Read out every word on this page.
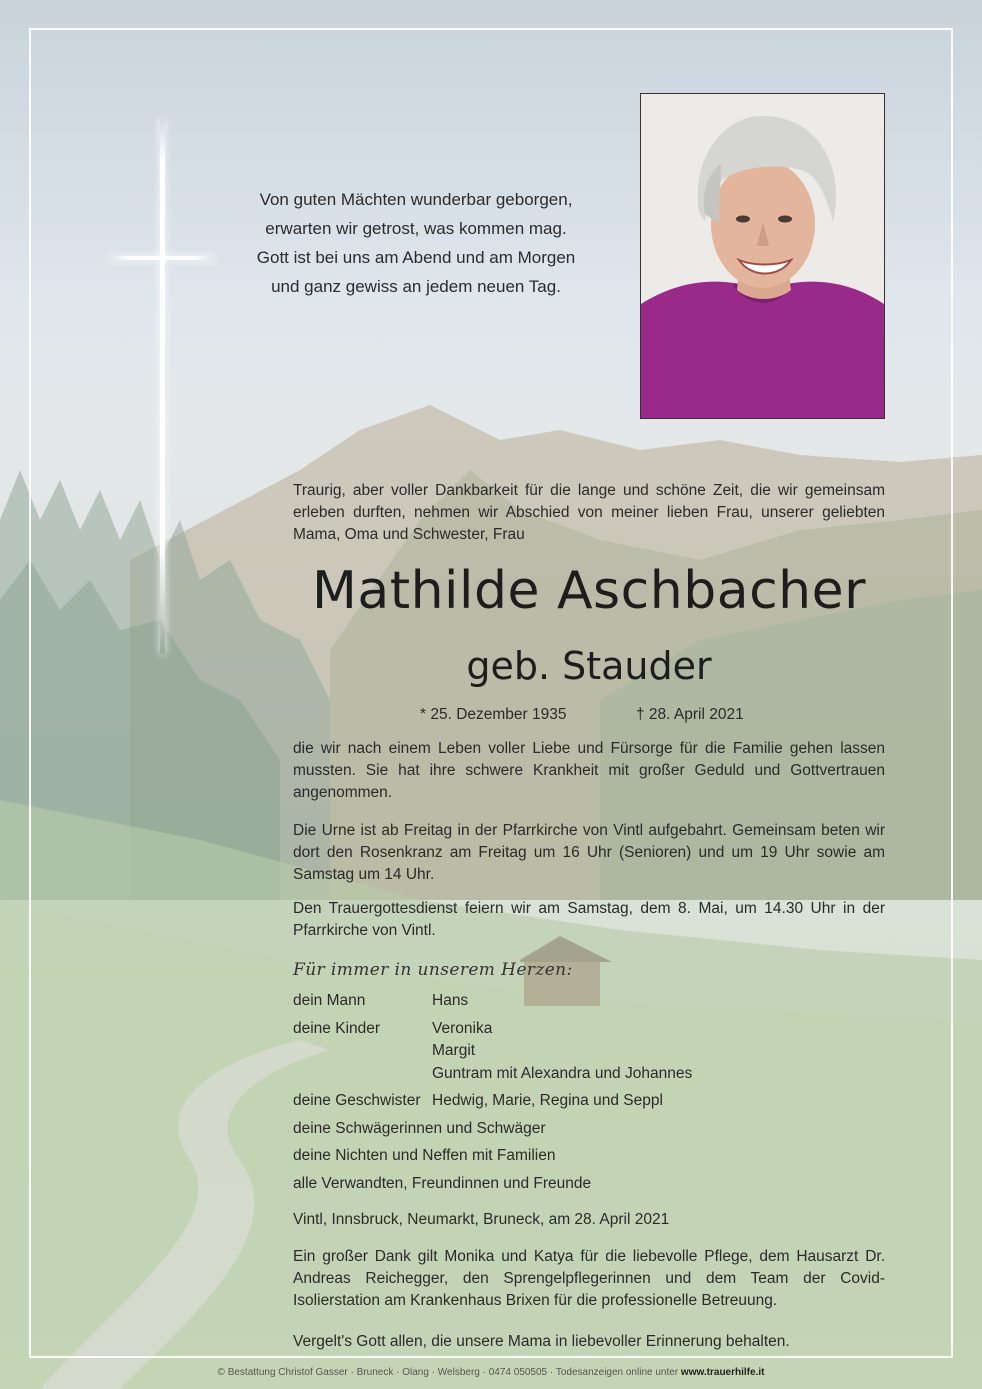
Von guten Mächten wunderbar geborgen,
erwarten wir getrost, was kommen mag.
Gott ist bei uns am Abend und am Morgen
und ganz gewiss an jedem neuen Tag.
Traurig, aber voller Dankbarkeit für die lange und schöne Zeit, die wir gemeinsam erleben durften, nehmen wir Abschied von meiner lieben Frau, unserer geliebten Mama, Oma und Schwester, Frau
Mathilde Aschbacher
geb. Stauder
* 25. Dezember 1935	† 28. April 2021
die wir nach einem Leben voller Liebe und Fürsorge für die Familie gehen lassen mussten. Sie hat ihre schwere Krankheit mit großer Geduld und Gottvertrauen angenommen.
Die Urne ist ab Freitag in der Pfarrkirche von Vintl aufgebahrt. Gemeinsam beten wir dort den Rosenkranz am Freitag um 16 Uhr (Senioren) und um 19 Uhr sowie am Samstag um 14 Uhr.
Den Trauergottesdienst feiern wir am Samstag, dem 8. Mai, um 14.30 Uhr in der Pfarrkirche von Vintl.
Für immer in unserem Herzen:
dein Mann	Hans
deine Kinder	Veronika
Margit
Guntram mit Alexandra und Johannes
deine Geschwister Hedwig, Marie, Regina und Seppl
deine Schwägerinnen und Schwäger
deine Nichten und Neffen mit Familien
alle Verwandten, Freundinnen und Freunde
Vintl, Innsbruck, Neumarkt, Bruneck, am 28. April 2021
Ein großer Dank gilt Monika und Katya für die liebevolle Pflege, dem Hausarzt Dr. Andreas Reichegger, den Sprengelpflegerinnen und dem Team der Covid-Isolierstation am Krankenhaus Brixen für die professionelle Betreuung.
Vergelt's Gott allen, die unsere Mama in liebevoller Erinnerung behalten.
© Bestattung Christof Gasser · Bruneck · Olang · Welsberg · 0474 050505 · Todesanzeigen online unter www.trauerhilfe.it
